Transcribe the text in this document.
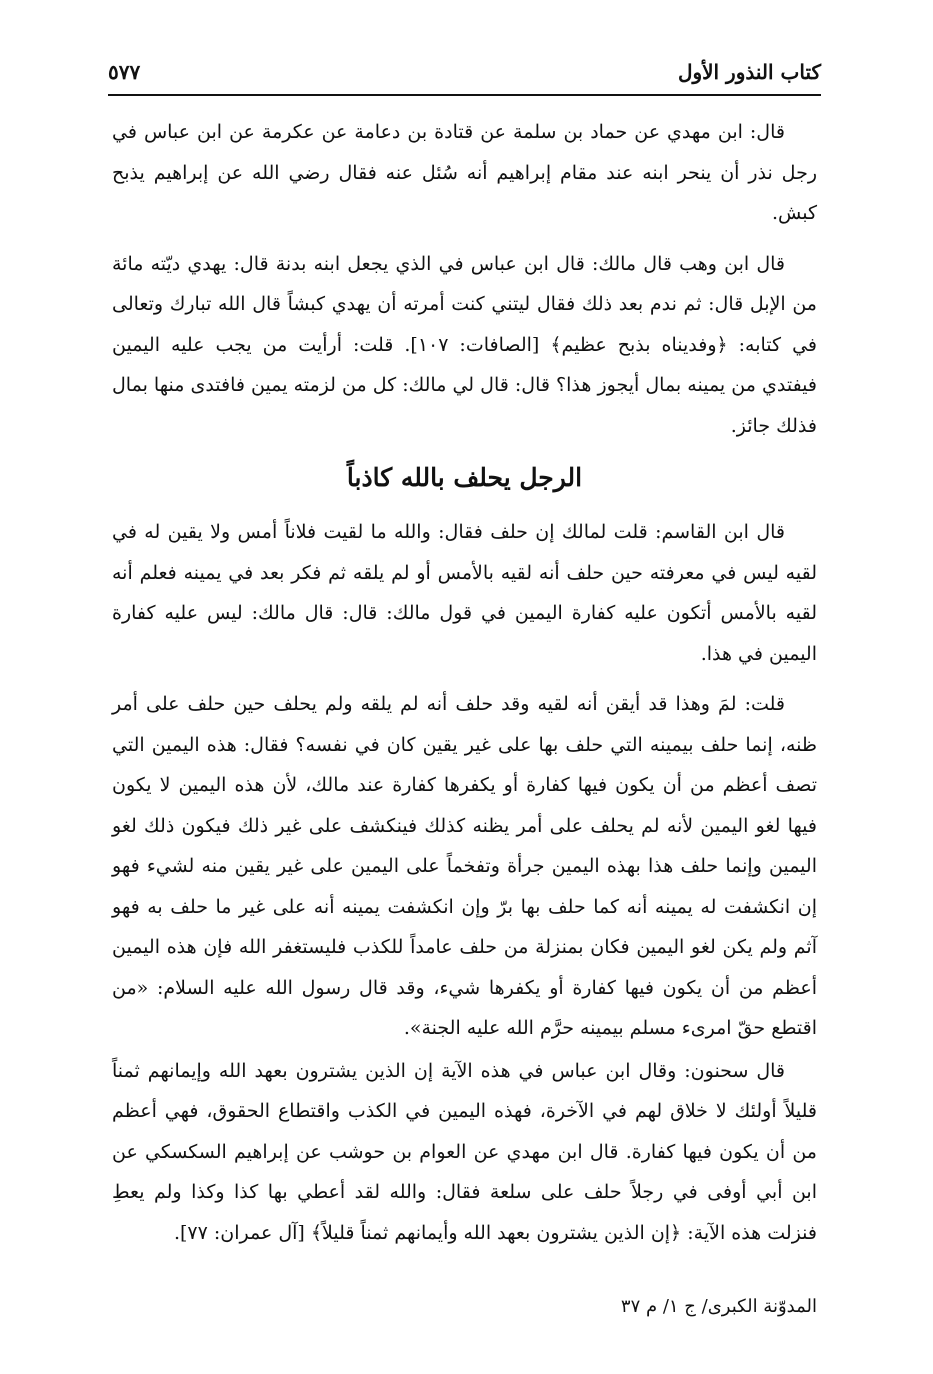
كتاب النذور الأول
٥٧٧

قال: ابن مهدي عن حماد بن سلمة عن قتادة بن دعامة عن عكرمة عن ابن عباس في رجل نذر أن ينحر ابنه عند مقام إبراهيم أنه سُئل عنه فقال رضي الله عن إبراهيم يذبح كبش.

قال ابن وهب قال مالك: قال ابن عباس في الذي يجعل ابنه بدنة قال: يهدي ديّته مائة من الإبل قال: ثم ندم بعد ذلك فقال ليتني كنت أمرته أن يهدي كبشاً قال الله تبارك وتعالى في كتابه: ﴿وفديناه بذبح عظيم﴾ [الصافات: ١٠٧]. قلت: أرأيت من يجب عليه اليمين فيفتدي من يمينه بمال أيجوز هذا؟ قال: قال لي مالك: كل من لزمته يمين فافتدى منها بمال فذلك جائز.

الرجل يحلف بالله كاذباً

قال ابن القاسم: قلت لمالك إن حلف فقال: والله ما لقيت فلاناً أمس ولا يقين له في لقيه ليس في معرفته حين حلف أنه لقيه بالأمس أو لم يلقه ثم فكر بعد في يمينه فعلم أنه لقيه بالأمس أتكون عليه كفارة اليمين في قول مالك: قال: قال مالك: ليس عليه كفارة اليمين في هذا.

قلت: لمَ وهذا قد أيقن أنه لقيه وقد حلف أنه لم يلقه ولم يحلف حين حلف على أمر ظنه، إنما حلف بيمينه التي حلف بها على غير يقين كان في نفسه؟ فقال: هذه اليمين التي تصف أعظم من أن يكون فيها كفارة أو يكفرها كفارة عند مالك، لأن هذه اليمين لا يكون فيها لغو اليمين لأنه لم يحلف على أمر يظنه كذلك فينكشف على غير ذلك فيكون ذلك لغو اليمين وإنما حلف هذا بهذه اليمين جرأة وتفخماً على اليمين على غير يقين منه لشيء فهو إن انكشفت له يمينه أنه كما حلف بها برّ وإن انكشفت يمينه أنه على غير ما حلف به فهو آثم ولم يكن لغو اليمين فكان بمنزلة من حلف عامداً للكذب فليستغفر الله فإن هذه اليمين أعظم من أن يكون فيها كفارة أو يكفرها شيء، وقد قال رسول الله عليه السلام: «من اقتطع حقّ امرىء مسلم بيمينه حرَّم الله عليه الجنة».

قال سحنون: وقال ابن عباس في هذه الآية إن الذين يشترون بعهد الله وإيمانهم ثمناً قليلاً أولئك لا خلاق لهم في الآخرة، فهذه اليمين في الكذب واقتطاع الحقوق، فهي أعظم من أن يكون فيها كفارة. قال ابن مهدي عن العوام بن حوشب عن إبراهيم السكسكي عن ابن أبي أوفى في رجلاً حلف على سلعة فقال: والله لقد أعطي بها كذا وكذا ولم يعطِ فنزلت هذه الآية: ﴿إن الذين يشترون بعهد الله وأيمانهم ثمناً قليلاً﴾ [آل عمران: ٧٧].

المدوّنة الكبرى/ ج ١/ م ٣٧
